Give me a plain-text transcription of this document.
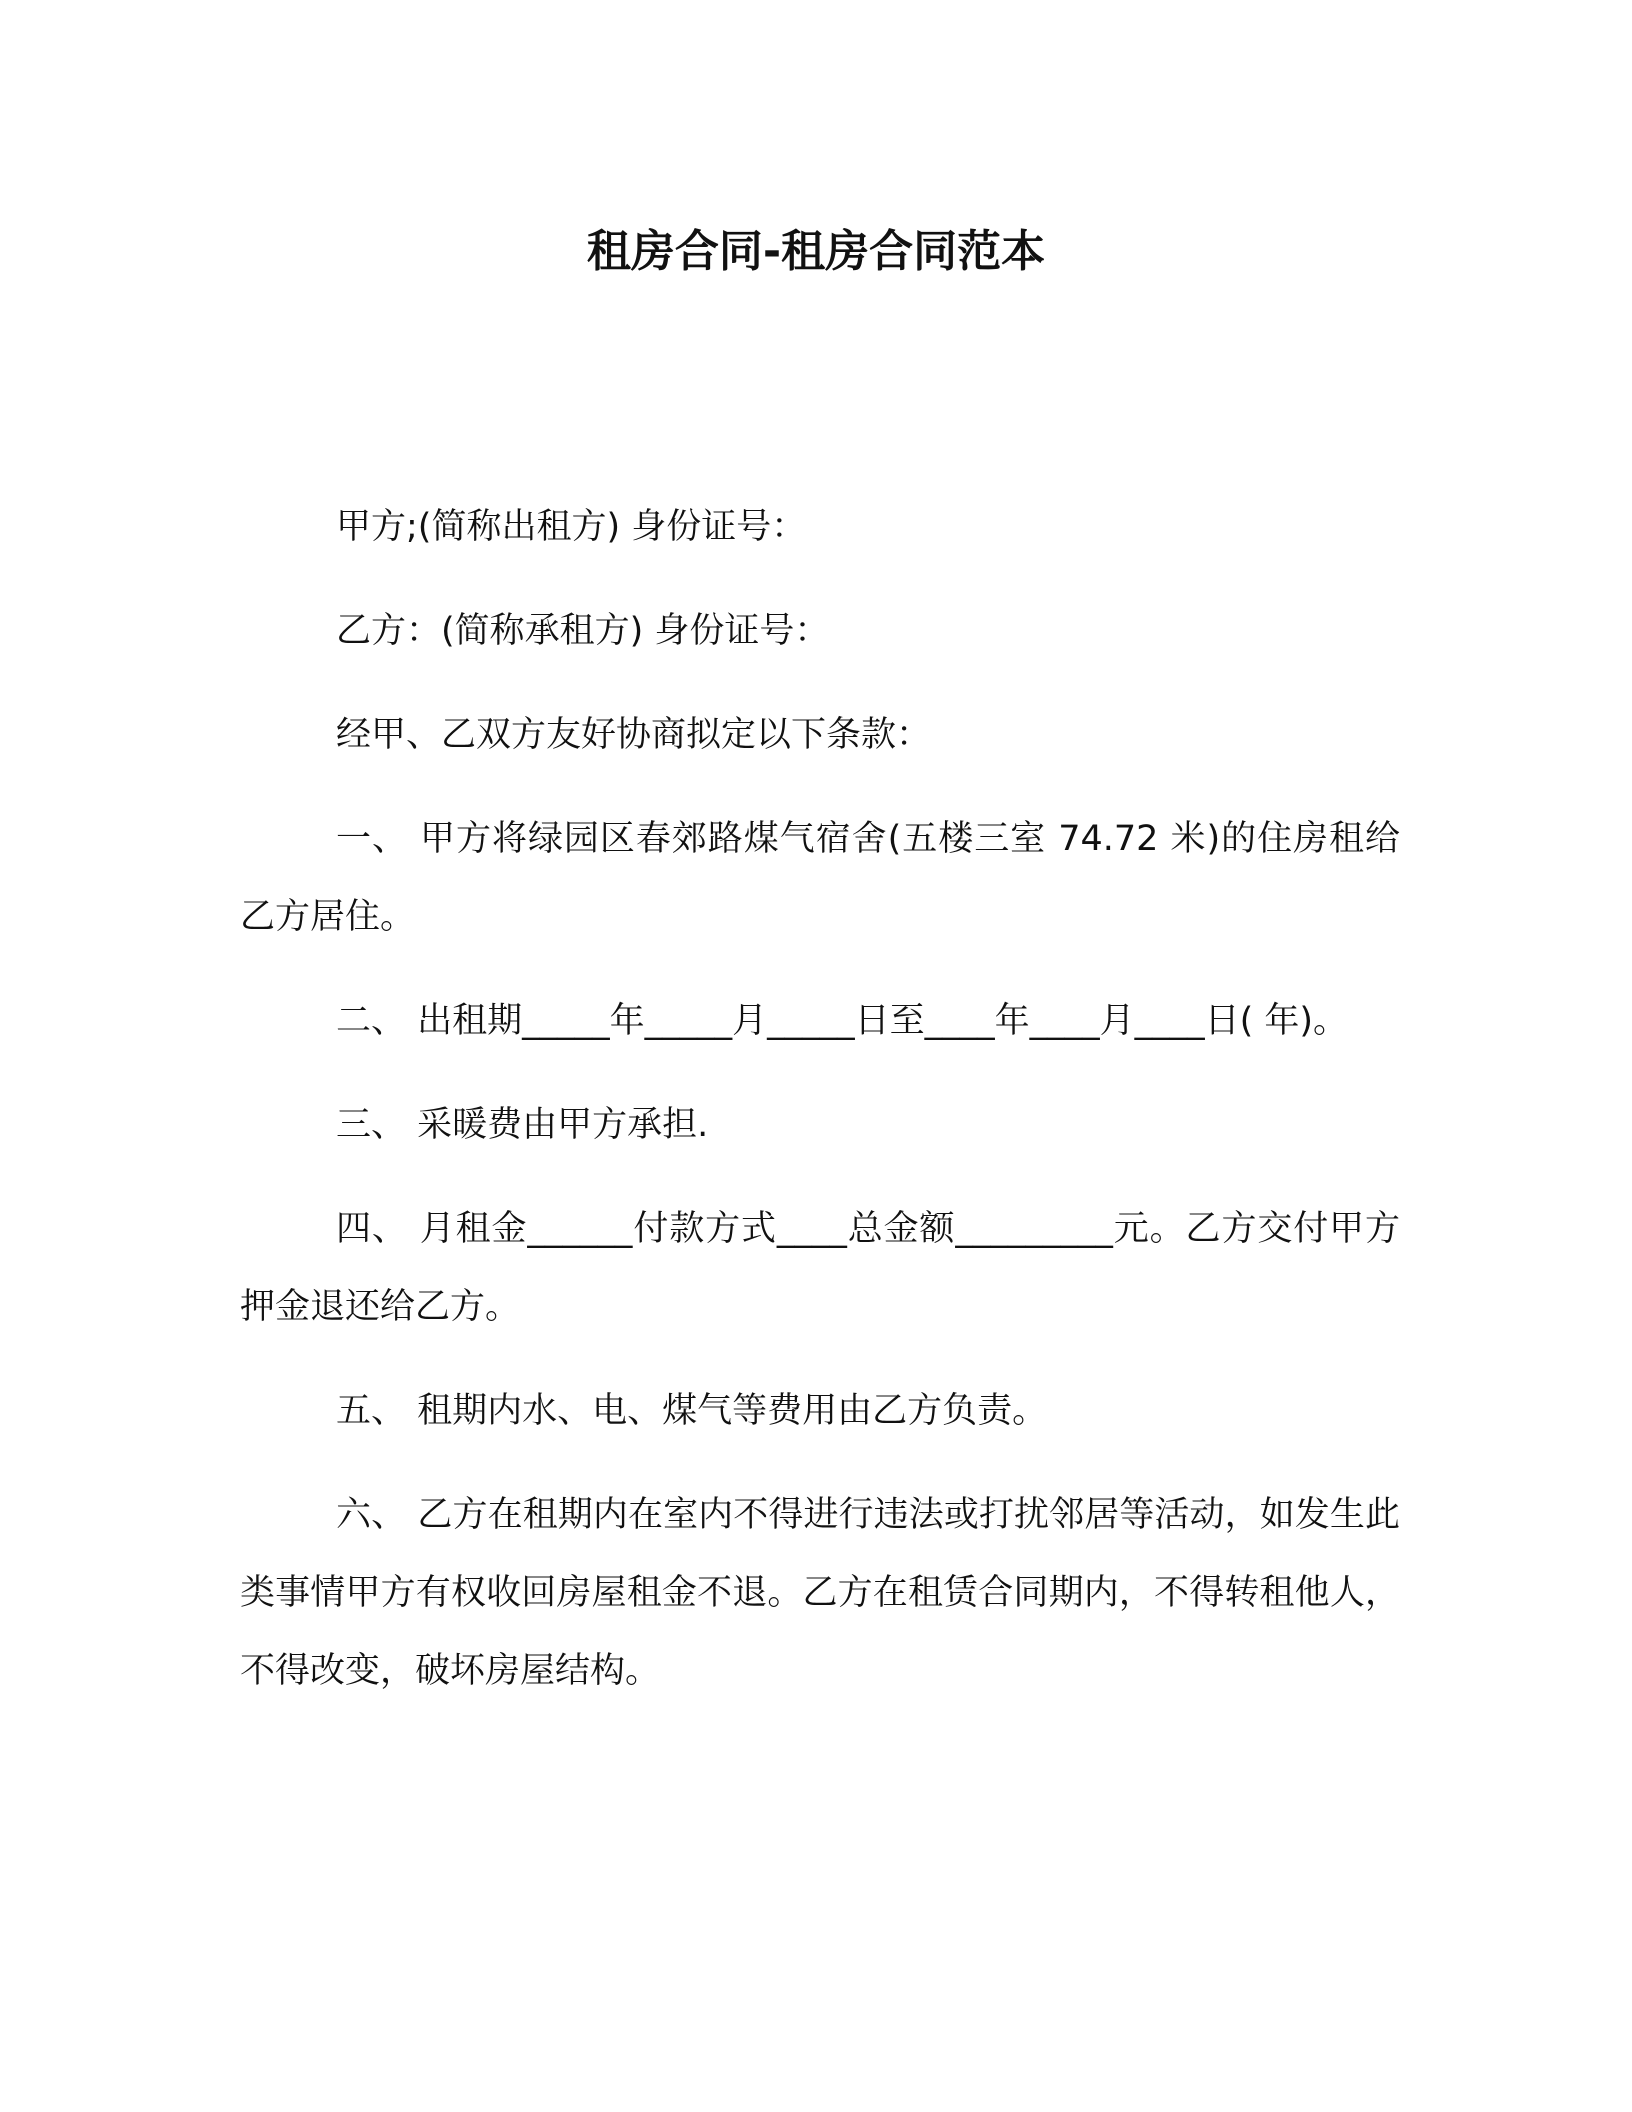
租房合同-租房合同范本

甲方;(简称出租方) 身份证号：

乙方：(简称承租方) 身份证号：

经甲、乙双方友好协商拟定以下条款：

一、 甲方将绿园区春郊路煤气宿舍(五楼三室 74.72 米)的住房租给乙方居住。

二、 出租期_____年_____月_____日至____年____月____日( 年)。

三、 采暖费由甲方承担.

四、 月租金______付款方式____总金额_________元。乙方交付甲方押金退还给乙方。

五、 租期内水、电、煤气等费用由乙方负责。

六、 乙方在租期内在室内不得进行违法或打扰邻居等活动，如发生此类事情甲方有权收回房屋租金不退。乙方在租赁合同期内，不得转租他人，不得改变，破坏房屋结构。
